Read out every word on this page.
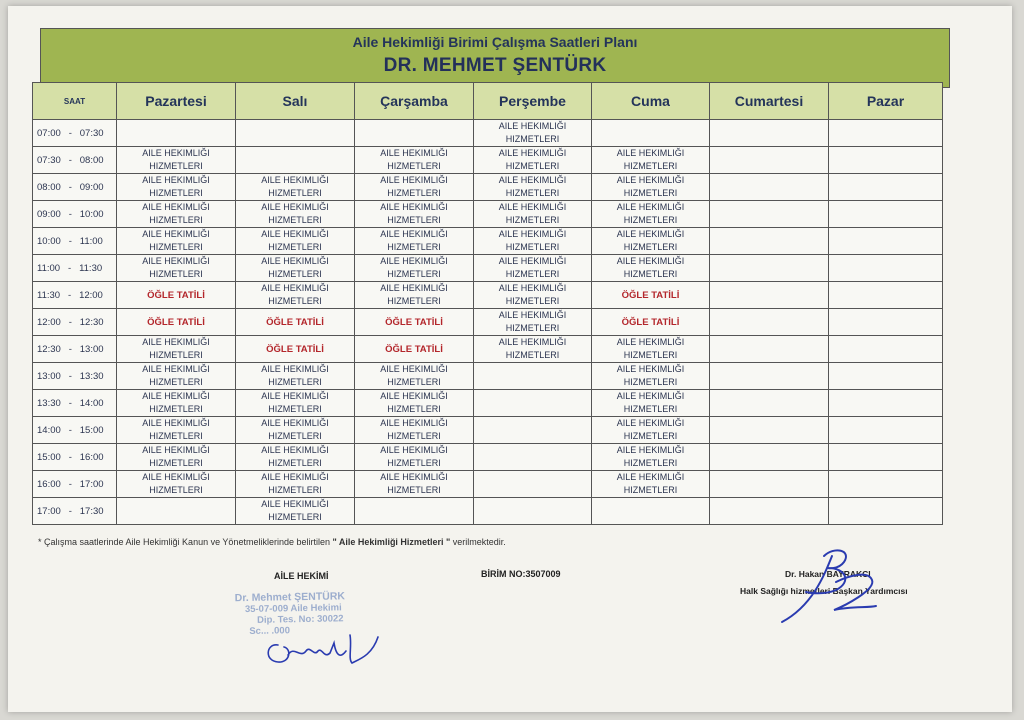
Aile Hekimliği Birimi Çalışma Saatleri Planı
DR. MEHMET ŞENTÜRK
SAAT	Pazartesi	Salı	Çarşamba	Perşembe	Cuma	Cumartesi	Pazar
07:00   -   07:30				AILE HEKIMLIĞI
HIZMETLERI			

07:30   -   08:00	AILE HEKIMLIĞI
HIZMETLERI		AILE HEKIMLIĞI
HIZMETLERI	AILE HEKIMLIĞI
HIZMETLERI	AILE HEKIMLIĞI
HIZMETLERI		

08:00   -   09:00	AILE HEKIMLIĞI
HIZMETLERI	AILE HEKIMLIĞI
HIZMETLERI	AILE HEKIMLIĞI
HIZMETLERI	AILE HEKIMLIĞI
HIZMETLERI	AILE HEKIMLIĞI
HIZMETLERI		

09:00   -   10:00	AILE HEKIMLIĞI
HIZMETLERI	AILE HEKIMLIĞI
HIZMETLERI	AILE HEKIMLIĞI
HIZMETLERI	AILE HEKIMLIĞI
HIZMETLERI	AILE HEKIMLIĞI
HIZMETLERI		

10:00   -   11:00	AILE HEKIMLIĞI
HIZMETLERI	AILE HEKIMLIĞI
HIZMETLERI	AILE HEKIMLIĞI
HIZMETLERI	AILE HEKIMLIĞI
HIZMETLERI	AILE HEKIMLIĞI
HIZMETLERI		

11:00   -   11:30	AILE HEKIMLIĞI
HIZMETLERI	AILE HEKIMLIĞI
HIZMETLERI	AILE HEKIMLIĞI
HIZMETLERI	AILE HEKIMLIĞI
HIZMETLERI	AILE HEKIMLIĞI
HIZMETLERI		

11:30   -   12:00	ÖĞLE TATİLİ	AILE HEKIMLIĞI
HIZMETLERI	AILE HEKIMLIĞI
HIZMETLERI	AILE HEKIMLIĞI
HIZMETLERI	ÖĞLE TATİLİ		
12:00   -   12:30	ÖĞLE TATİLİ	ÖĞLE TATİLİ	ÖĞLE TATİLİ	AILE HEKIMLIĞI
HIZMETLERI	ÖĞLE TATİLİ		
12:30   -   13:00	AILE HEKIMLIĞI
HIZMETLERI	ÖĞLE TATİLİ	ÖĞLE TATİLİ	AILE HEKIMLIĞI
HIZMETLERI	AILE HEKIMLIĞI
HIZMETLERI		

13:00   -   13:30	AILE HEKIMLIĞI
HIZMETLERI	AILE HEKIMLIĞI
HIZMETLERI	AILE HEKIMLIĞI
HIZMETLERI		AILE HEKIMLIĞI
HIZMETLERI		

13:30   -   14:00	AILE HEKIMLIĞI
HIZMETLERI	AILE HEKIMLIĞI
HIZMETLERI	AILE HEKIMLIĞI
HIZMETLERI		AILE HEKIMLIĞI
HIZMETLERI		

14:00   -   15:00	AILE HEKIMLIĞI
HIZMETLERI	AILE HEKIMLIĞI
HIZMETLERI	AILE HEKIMLIĞI
HIZMETLERI		AILE HEKIMLIĞI
HIZMETLERI		

15:00   -   16:00	AILE HEKIMLIĞI
HIZMETLERI	AILE HEKIMLIĞI
HIZMETLERI	AILE HEKIMLIĞI
HIZMETLERI		AILE HEKIMLIĞI
HIZMETLERI		

16:00   -   17:00	AILE HEKIMLIĞI
HIZMETLERI	AILE HEKIMLIĞI
HIZMETLERI	AILE HEKIMLIĞI
HIZMETLERI		AILE HEKIMLIĞI
HIZMETLERI		

17:00   -   17:30		AILE HEKIMLIĞI
HIZMETLERI					

* Çalışma saatlerinde Aile Hekimliği Kanun ve Yönetmeliklerinde belirtilen " Aile Hekimliği Hizmetleri " verilmektedir.
AİLE HEKİMİ	BİRİM NO:3507009	Dr. Hakan BAYRAKCI
Halk Sağlığı hizmetleri Başkan Yardımcısı
Dr. Mehmet ŞENTÜRK
35-07-009 Aile Hekimi
Dip. Tes. No: 30022
Sc... .000
